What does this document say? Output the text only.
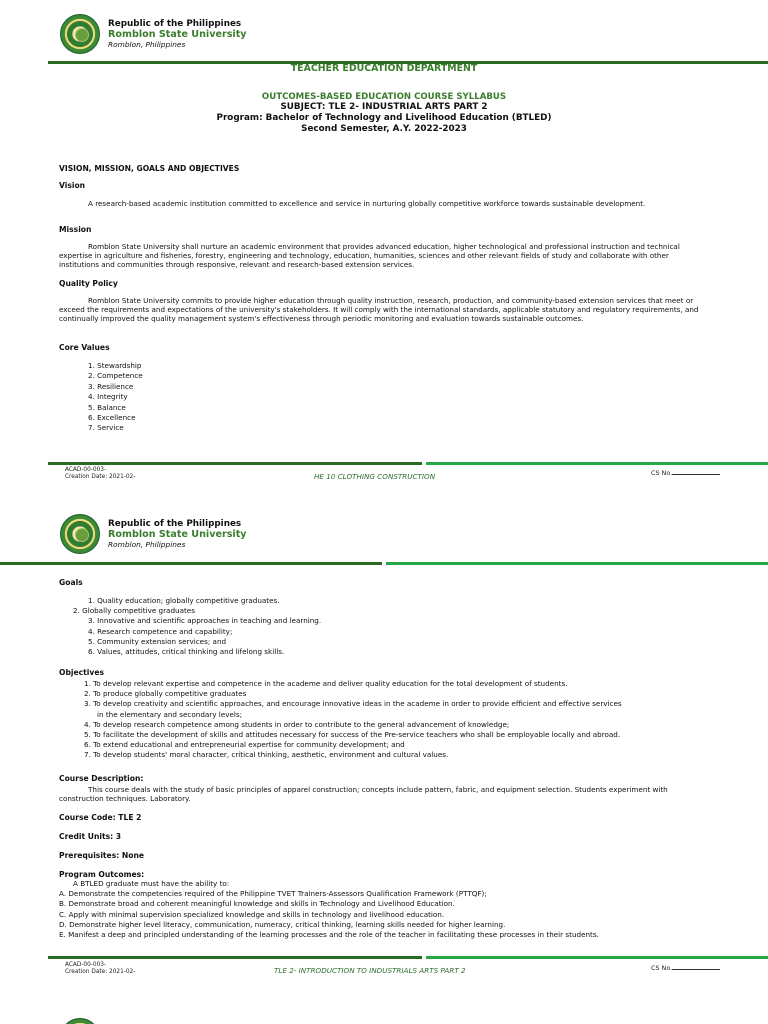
Republic of the Philippines
Romblon State University
Romblon, Philippines
TEACHER EDUCATION DEPARTMENT
OUTCOMES-BASED EDUCATION COURSE SYLLABUS
SUBJECT: TLE 2- INDUSTRIAL ARTS PART 2
Program: Bachelor of Technology and Livelihood Education (BTLED)
Second Semester, A.Y. 2022-2023
VISION, MISSION, GOALS AND OBJECTIVES
Vision
A research-based academic institution committed to excellence and service in nurturing globally competitive workforce towards sustainable development.
Mission
Romblon State University shall nurture an academic environment that provides advanced education, higher technological and professional instruction and technical expertise in agriculture and fisheries, forestry, engineering and technology, education, humanities, sciences and other relevant fields of study and collaborate with other institutions and communities through responsive, relevant and research-based extension services.
Quality Policy
Romblon State University commits to provide higher education through quality instruction, research, production, and community-based extension services that meet or exceed the requirements and expectations of the university's stakeholders. It will comply with the international standards, applicable statutory and regulatory requirements, and continually improved the quality management system's effectiveness through periodic monitoring and evaluation towards sustainable outcomes.
Core Values
1. Stewardship
2. Competence
3. Resilience
4. Integrity
5. Balance
6. Excellence
7. Service
ACAD-00-003-
Creation Date: 2021-02-	HE 10 CLOTHING CONSTRUCTION	CS No.
Republic of the Philippines
Romblon State University
Romblon, Philippines
Goals
1. Quality education; globally competitive graduates.
2. Globally competitive graduates
3. Innovative and scientific approaches in teaching and learning.
4. Research competence and capability;
5. Community extension services; and
6. Values, attitudes, critical thinking and lifelong skills.
Objectives
1. To develop relevant expertise and competence in the academe and deliver quality education for the total development of students.
2. To produce globally competitive graduates
3. To develop creativity and scientific approaches, and encourage innovative ideas in the academe in order to provide efficient and effective services
in the elementary and secondary levels;
4. To develop research competence among students in order to contribute to the general advancement of knowledge;
5. To facilitate the development of skills and attitudes necessary for success of the Pre-service teachers who shall be employable locally and abroad.
6. To extend educational and entrepreneurial expertise for community development; and
7. To develop students' moral character, critical thinking, aesthetic, environment and cultural values.
Course Description:
This course deals with the study of basic principles of apparel construction; concepts include pattern, fabric, and equipment selection. Students experiment with construction techniques. Laboratory.
Course Code: TLE 2
Credit Units: 3
Prerequisites: None
Program Outcomes:
A BTLED graduate must have the ability to:
A. Demonstrate the competencies required of the Philippine TVET Trainers-Assessors Qualification Framework (PTTQF);
B. Demonstrate broad and coherent meaningful knowledge and skills in Technology and Livelihood Education.
C. Apply with minimal supervision specialized knowledge and skills in technology and livelihood education.
D. Demonstrate higher level literacy, communication, numeracy, critical thinking, learning skills needed for higher learning.
E. Manifest a deep and principled understanding of the learning processes and the role of the teacher in facilitating these processes in their students.
ACAD-00-003-
Creation Date: 2021-02-	TLE 2- INTRODUCTION TO INDUSTRIALS ARTS PART 2	CS No.
